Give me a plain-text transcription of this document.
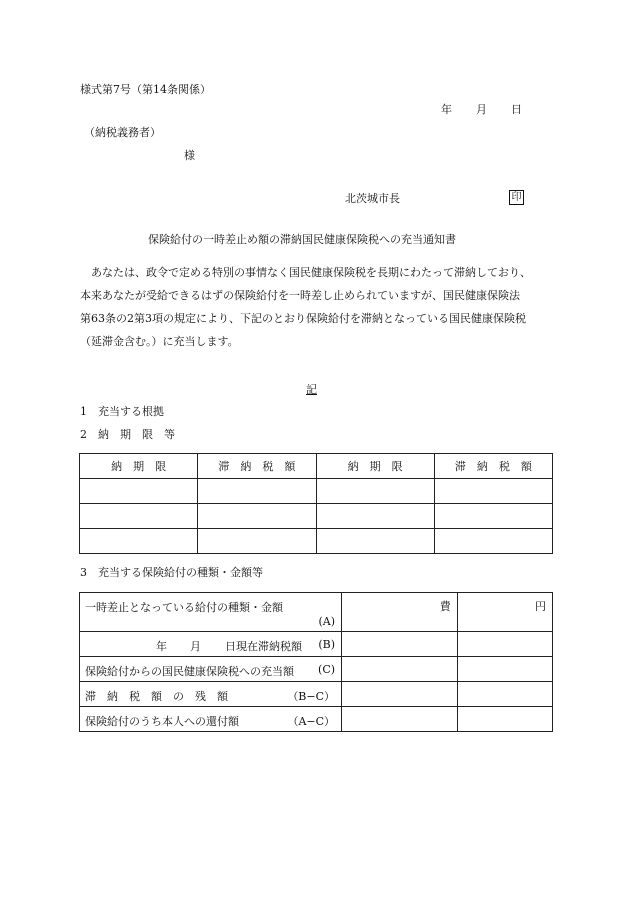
様式第7号（第14条関係）
年 月 日
（納税義務者）
様
北茨城市長	印
保険給付の一時差止め額の滞納国民健康保険税への充当通知書

　あなたは、政令で定める特別の事情なく国民健康保険税を長期にわたって滞納しており、

本来あなたが受給できるはずの保険給付を一時差し止められていますが、国民健康保険法

第63条の2第3項の規定により、下記のとおり保険給付を滞納となっている国民健康保険税

（延滞金含む。）に充当します。

記
1　充当する根拠
2　納　期　限　等
納　期　限	滞　納　税　額	納　期　限	滞　納　税　額

3　充当する保険給付の種類・金額等
一時差止となっている給付の種類・金額
(A)	費	円

年 月 日現在滞納税額 (B)		

保険給付からの国民健康保険税への充当額 (C)		

滞　納　税　額　の　残　額 （B−C）		

保険給付のうち本人への還付額 （A−C）		
